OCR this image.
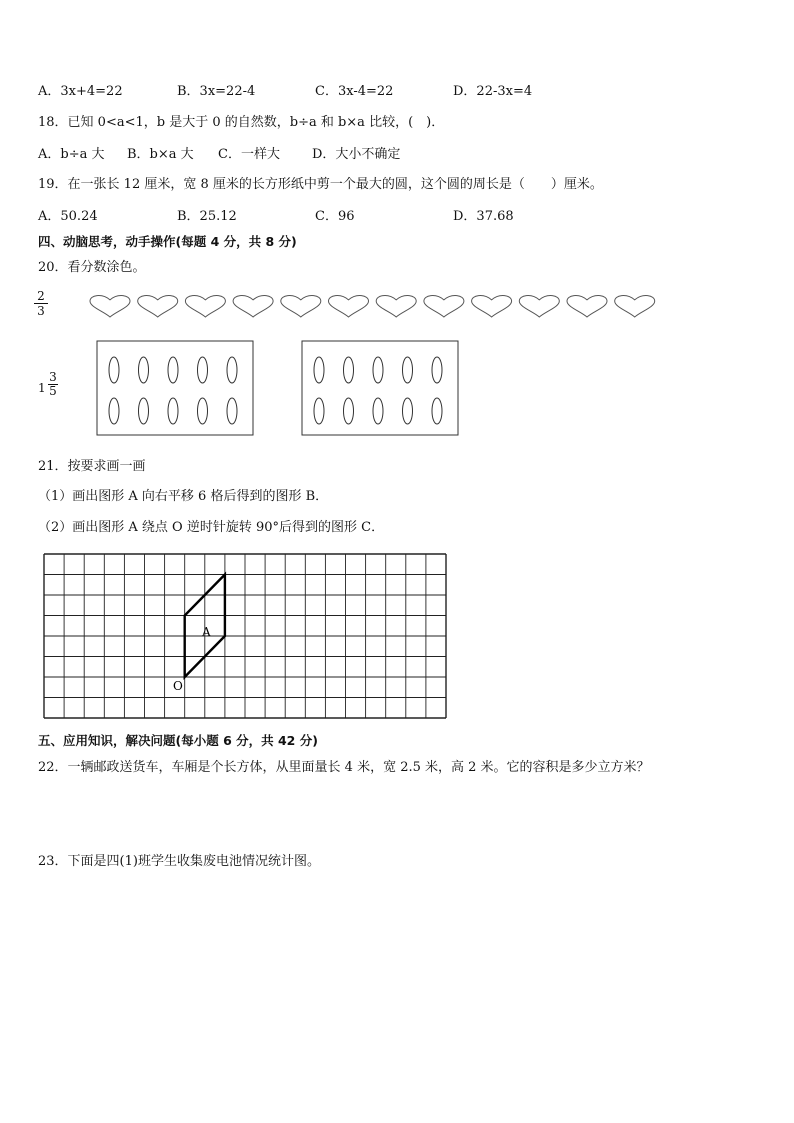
A．3x+4=22	B．3x=22-4	C．3x-4=22	D．22-3x=4
18．已知 0<a<1，b 是大于 0 的自然数，b÷a 和 b×a 比较，(　)．
A．b÷a 大 B．b×a 大 C．一样大 D．大小不确定
19．在一张长 12 厘米，宽 8 厘米的长方形纸中剪一个最大的圆，这个圆的周长是（　　）厘米。
A．50.24	B．25.12	C．96	D．37.68
四、动脑思考，动手操作(每题 4 分，共 8 分)
20．看分数涂色。
2
3
1
3
5
21．按要求画一画
（1）画出图形 A 向右平移 6 格后得到的图形 B．
（2）画出图形 A 绕点 O 逆时针旋转 90°后得到的图形 C．
A
O
五、应用知识，解决问题(每小题 6 分，共 42 分)
22．一辆邮政送货车，车厢是个长方体，从里面量长 4 米，宽 2.5 米，高 2 米。它的容积是多少立方米？
23．下面是四(1)班学生收集废电池情况统计图。
